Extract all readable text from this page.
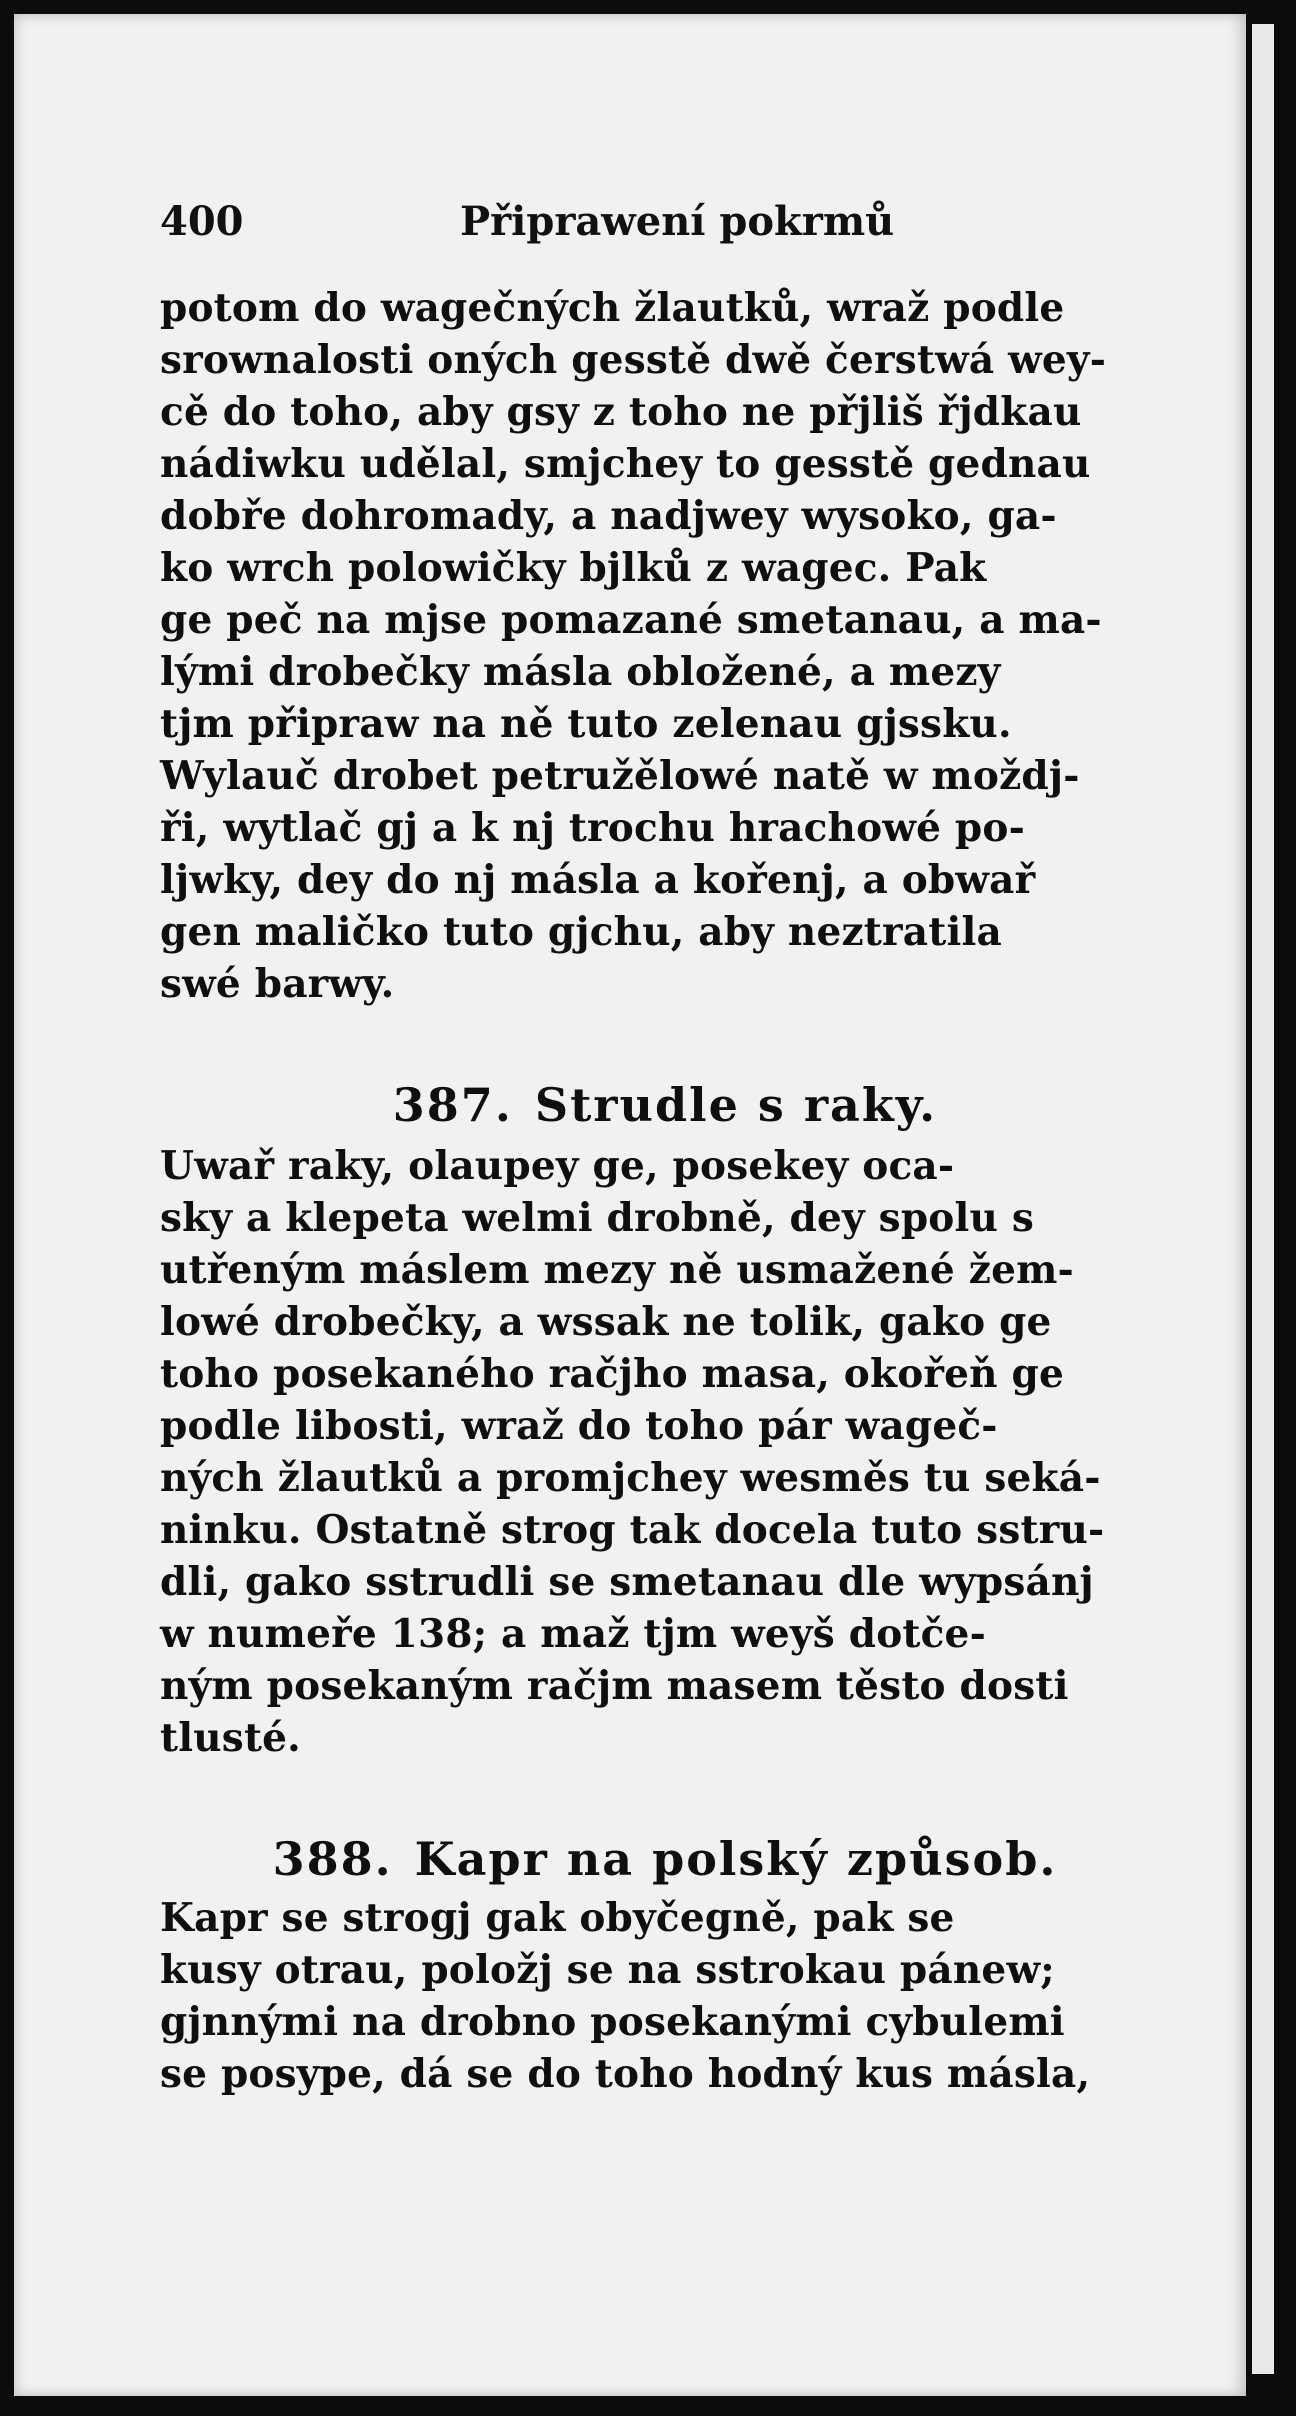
400	Připrawení pokrmů

potom do wagečných žlautků, wraž podle
srownalosti oných gesstě dwě čerstwá wey-
cě do toho, aby gsy z toho ne přjliš řjdkau
nádiwku udělal, smjchey to gesstě gednau
dobře dohromady, a nadjwey wysoko, ga-
ko wrch polowičky bjlků z wagec. Pak
ge peč na mjse pomazané smetanau, a ma-
lými drobečky másla obložené, a mezy
tjm připraw na ně tuto zelenau gjssku.
Wylauč drobet petružělowé natě w moždj-
ři, wytlač gj a k nj trochu hrachowé po-
ljwky, dey do nj másla a kořenj, a obwař
gen maličko tuto gjchu, aby neztratila
swé barwy.

387. Strudle s raky.

Uwař raky, olaupey ge, posekey oca-
sky a klepeta welmi drobně, dey spolu s
utřeným máslem mezy ně usmažené žem-
lowé drobečky, a wssak ne tolik, gako ge
toho posekaného račjho masa, okořeň ge
podle libosti, wraž do toho pár wageč-
ných žlautků a promjchey wesměs tu seká-
ninku. Ostatně strog tak docela tuto sstru-
dli, gako sstrudli se smetanau dle wypsánj
w numeře 138; a maž tjm weyš dotče-
ným posekaným račjm masem těsto dosti
tlusté.

388. Kapr na polský způsob.

Kapr se strogj gak obyčegně, pak se
kusy otrau, položj se na sstrokau pánew;
gjnnými na drobno posekanými cybulemi
se posype, dá se do toho hodný kus másla,
